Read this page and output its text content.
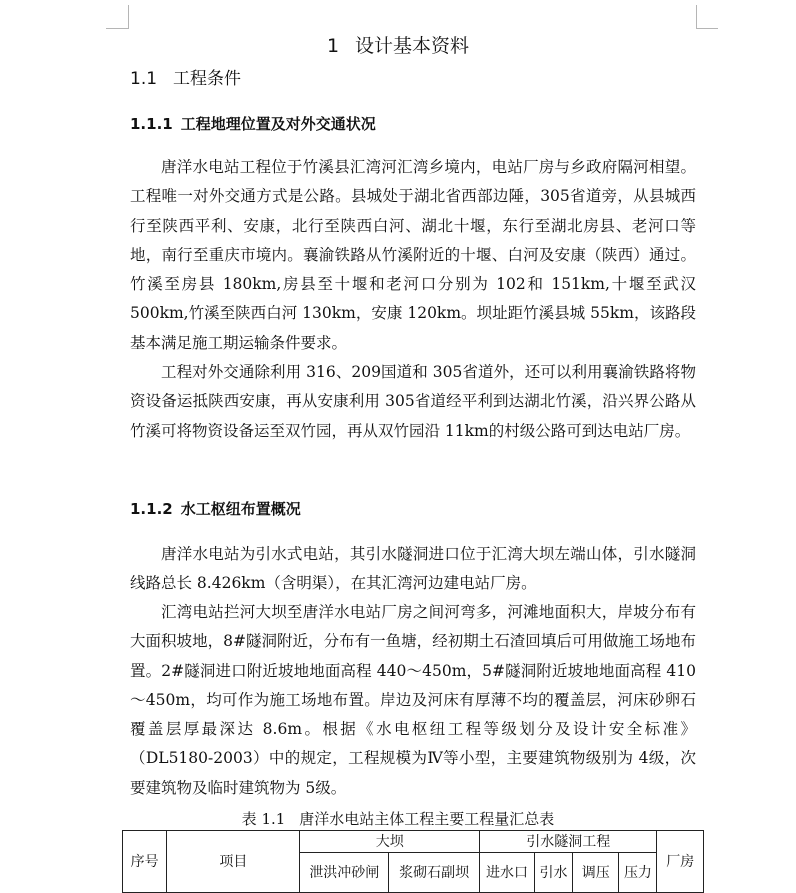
1 设计基本资料
1.1 工程条件
1.1.1 工程地理位置及对外交通状况

唐洋水电站工程位于竹溪县汇湾河汇湾乡境内，电站厂房与乡政府隔河相望。工程唯一对外交通方式是公路。县城处于湖北省西部边陲，305省道旁，从县城西行至陕西平利、安康，北行至陕西白河、湖北十堰，东行至湖北房县、老河口等地，南行至重庆市境内。襄渝铁路从竹溪附近的十堰、白河及安康（陕西）通过。竹溪至房县 180km,房县至十堰和老河口分别为 102和 151km,十堰至武汉 500km,竹溪至陕西白河 130km，安康 120km。坝址距竹溪县城 55km，该路段基本满足施工期运输条件要求。

工程对外交通除利用 316、209国道和 305省道外，还可以利用襄渝铁路将物资设备运抵陕西安康，再从安康利用 305省道经平利到达湖北竹溪，沿兴界公路从竹溪可将物资设备运至双竹园，再从双竹园沿 11km的村级公路可到达电站厂房。

1.1.2 水工枢纽布置概况

唐洋水电站为引水式电站，其引水隧洞进口位于汇湾大坝左端山体，引水隧洞线路总长 8.426km（含明渠），在其汇湾河边建电站厂房。

汇湾电站拦河大坝至唐洋水电站厂房之间河弯多，河滩地面积大，岸坡分布有大面积坡地，8#隧洞附近，分布有一鱼塘，经初期土石渣回填后可用做施工场地布置。2#隧洞进口附近坡地地面高程 440～450m，5#隧洞附近坡地地面高程 410～450m，均可作为施工场地布置。岸边及河床有厚薄不均的覆盖层，河床砂卵石覆盖层厚最深达 8.6m。根据《水电枢纽工程等级划分及设计安全标准》（DL5180-2003）中的规定，工程规模为Ⅳ等小型，主要建筑物级别为 4级，次要建筑物及临时建筑物为 5级。

表 1.1 唐洋水电站主体工程主要工程量汇总表
序号	项目	大坝		引水隧洞工程				厂房
		泄洪冲砂闸	浆砌石副坝	进水口	引水	调压	压力	
